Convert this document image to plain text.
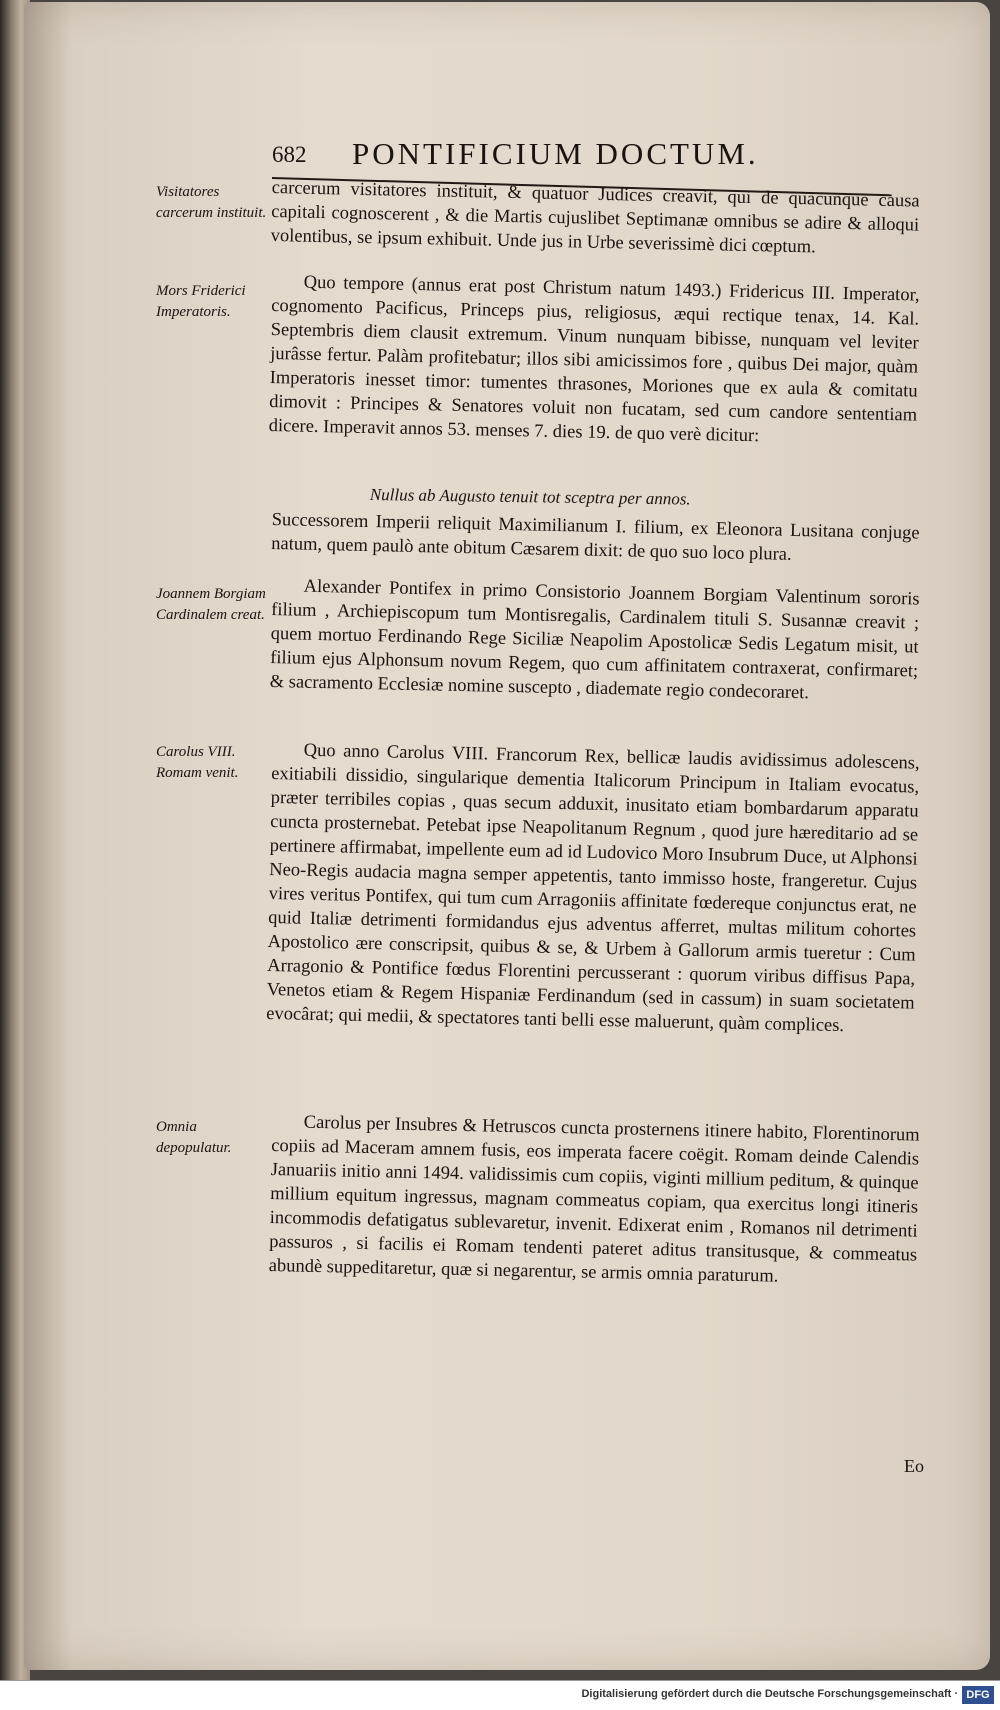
682 PONTIFICIUM DOCTUM.
Visitatores carcerum instituit.
carcerum visitatores instituit, & quatuor Judices creavit, qui de quacunque causa capitali cognoscerent , & die Martis cujuslibet Septimanæ omnibus se adire & alloqui volentibus, se ipsum exhibuit. Unde jus in Urbe severissimè dici cœptum.
Mors Friderici Imperatoris.
Quo tempore (annus erat post Christum natum 1493.) Fridericus III. Imperator, cognomento Pacificus, Princeps pius, religiosus, æqui rectique tenax, 14. Kal. Septembris diem clausit extremum. Vinum nunquam bibisse, nunquam vel leviter jurâsse fertur. Palàm profitebatur; illos sibi amicissimos fore , quibus Dei major, quàm Imperatoris inesset timor: tumentes thrasones, Moriones que ex aula & comitatu dimovit : Principes & Senatores voluit non fucatam, sed cum candore sententiam dicere. Imperavit annos 53. menses 7. dies 19. de quo verè dicitur:
Nullus ab Augusto tenuit tot sceptra per annos.
Successorem Imperii reliquit Maximilianum I. filium, ex Eleonora Lusitana conjuge natum, quem paulò ante obitum Cæsarem dixit: de quo suo loco plura.
Joannem Borgiam Cardinalem creat.
Alexander Pontifex in primo Consistorio Joannem Borgiam Valentinum sororis filium , Archiepiscopum tum Montisregalis, Cardinalem tituli S. Susannæ creavit ; quem mortuo Ferdinando Rege Siciliæ Neapolim Apostolicæ Sedis Legatum misit, ut filium ejus Alphonsum novum Regem, quo cum affinitatem contraxerat, confirmaret; & sacramento Ecclesiæ nomine suscepto , diademate regio condecoraret.
Carolus VIII. Romam venit.	Quo anno Carolus VIII. Francorum Rex, bellicæ laudis avidissimus adolescens, exitiabili dissidio, singularique dementia Italicorum Principum in Italiam evocatus, præter terribiles copias , quas secum adduxit, inusitato etiam bombardarum apparatu cuncta prosternebat. Petebat ipse Neapolitanum Regnum , quod jure hæreditario ad se pertinere affirmabat, impellente eum ad id Ludovico Moro Insubrum Duce, ut Alphonsi Neo-Regis audacia magna semper appetentis, tanto immisso hoste, frangeretur. Cujus vires veritus Pontifex, qui tum cum Arragoniis affinitate fœdereque conjunctus erat, ne quid Italiæ detrimenti formidandus ejus adventus afferret, multas militum cohortes Apostolico ære conscripsit, quibus & se, & Urbem à Gallorum armis tueretur : Cum Arragonio & Pontifice fœdus Florentini percusserant : quorum viribus diffisus Papa, Venetos etiam & Regem Hispaniæ Ferdinandum (sed in cassum) in suam societatem evocârat; qui medii, & spectatores tanti belli esse maluerunt, quàm complices.
Omnia depopulatur.
Carolus per Insubres & Hetruscos cuncta prosternens itinere habito, Florentinorum copiis ad Maceram amnem fusis, eos imperata facere coëgit. Romam deinde Calendis Januariis initio anni 1494. validissimis cum copiis, viginti millium peditum, & quinque millium equitum ingressus, magnam commeatus copiam, qua exercitus longi itineris incommodis defatigatus sublevaretur, invenit. Edixerat enim , Romanos nil detrimenti passuros , si facilis ei Romam tendenti pateret aditus transitusque, & commeatus abundè suppeditaretur, quæ si negarentur, se armis omnia paraturum.
Eo
Digitalisierung gefördert durch die Deutsche Forschungsgemeinschaft · DFG
